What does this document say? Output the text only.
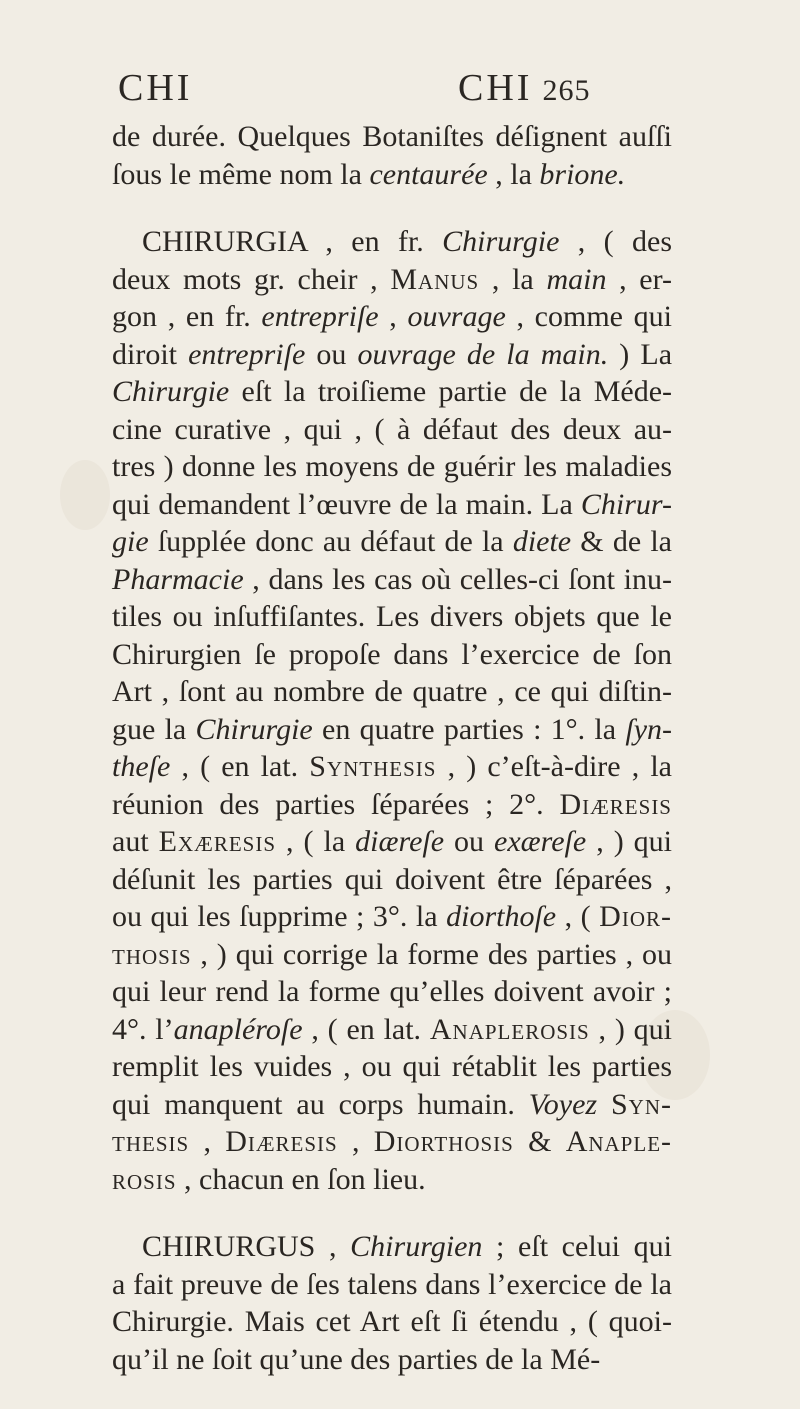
CHI	CHI 265
de durée. Quelques Botaniſtes déſignent auſſi
ſous le même nom la centaurée , la brione.
CHIRURGIA , en fr. Chirurgie , ( des
deux mots gr. cheir , Manus , la main , er-
gon , en fr. entrepriſe , ouvrage , comme qui
diroit entrepriſe ou ouvrage de la main. ) La
Chirurgie eſt la troiſieme partie de la Méde-
cine curative , qui , ( à défaut des deux au-
tres ) donne les moyens de guérir les maladies
qui demandent l’œuvre de la main. La Chirur-
gie ſupplée donc au défaut de la diete & de la
Pharmacie , dans les cas où celles-ci ſont inu-
tiles ou inſuffiſantes. Les divers objets que le
Chirurgien ſe propoſe dans l’exercice de ſon
Art , ſont au nombre de quatre , ce qui diſtin-
gue la Chirurgie en quatre parties : 1°. la ſyn-
theſe , ( en lat. Synthesis , ) c’eſt-à-dire , la
réunion des parties ſéparées ; 2°. Diæresis
aut Exæresis , ( la diæreſe ou exæreſe , ) qui
déſunit les parties qui doivent être ſéparées ,
ou qui les ſupprime ; 3°. la diorthoſe , ( Dior-
thosis , ) qui corrige la forme des parties , ou
qui leur rend la forme qu’elles doivent avoir ;
4°. l’anapléroſe , ( en lat. Anaplerosis , ) qui
remplit les vuides , ou qui rétablit les parties
qui manquent au corps humain. Voyez Syn-
thesis , Diæresis , Diorthosis & Anaple-
rosis , chacun en ſon lieu.
CHIRURGUS , Chirurgien ; eſt celui qui
a fait preuve de ſes talens dans l’exercice de la
Chirurgie. Mais cet Art eſt ſi étendu , ( quoi-
qu’il ne ſoit qu’une des parties de la Mé-
